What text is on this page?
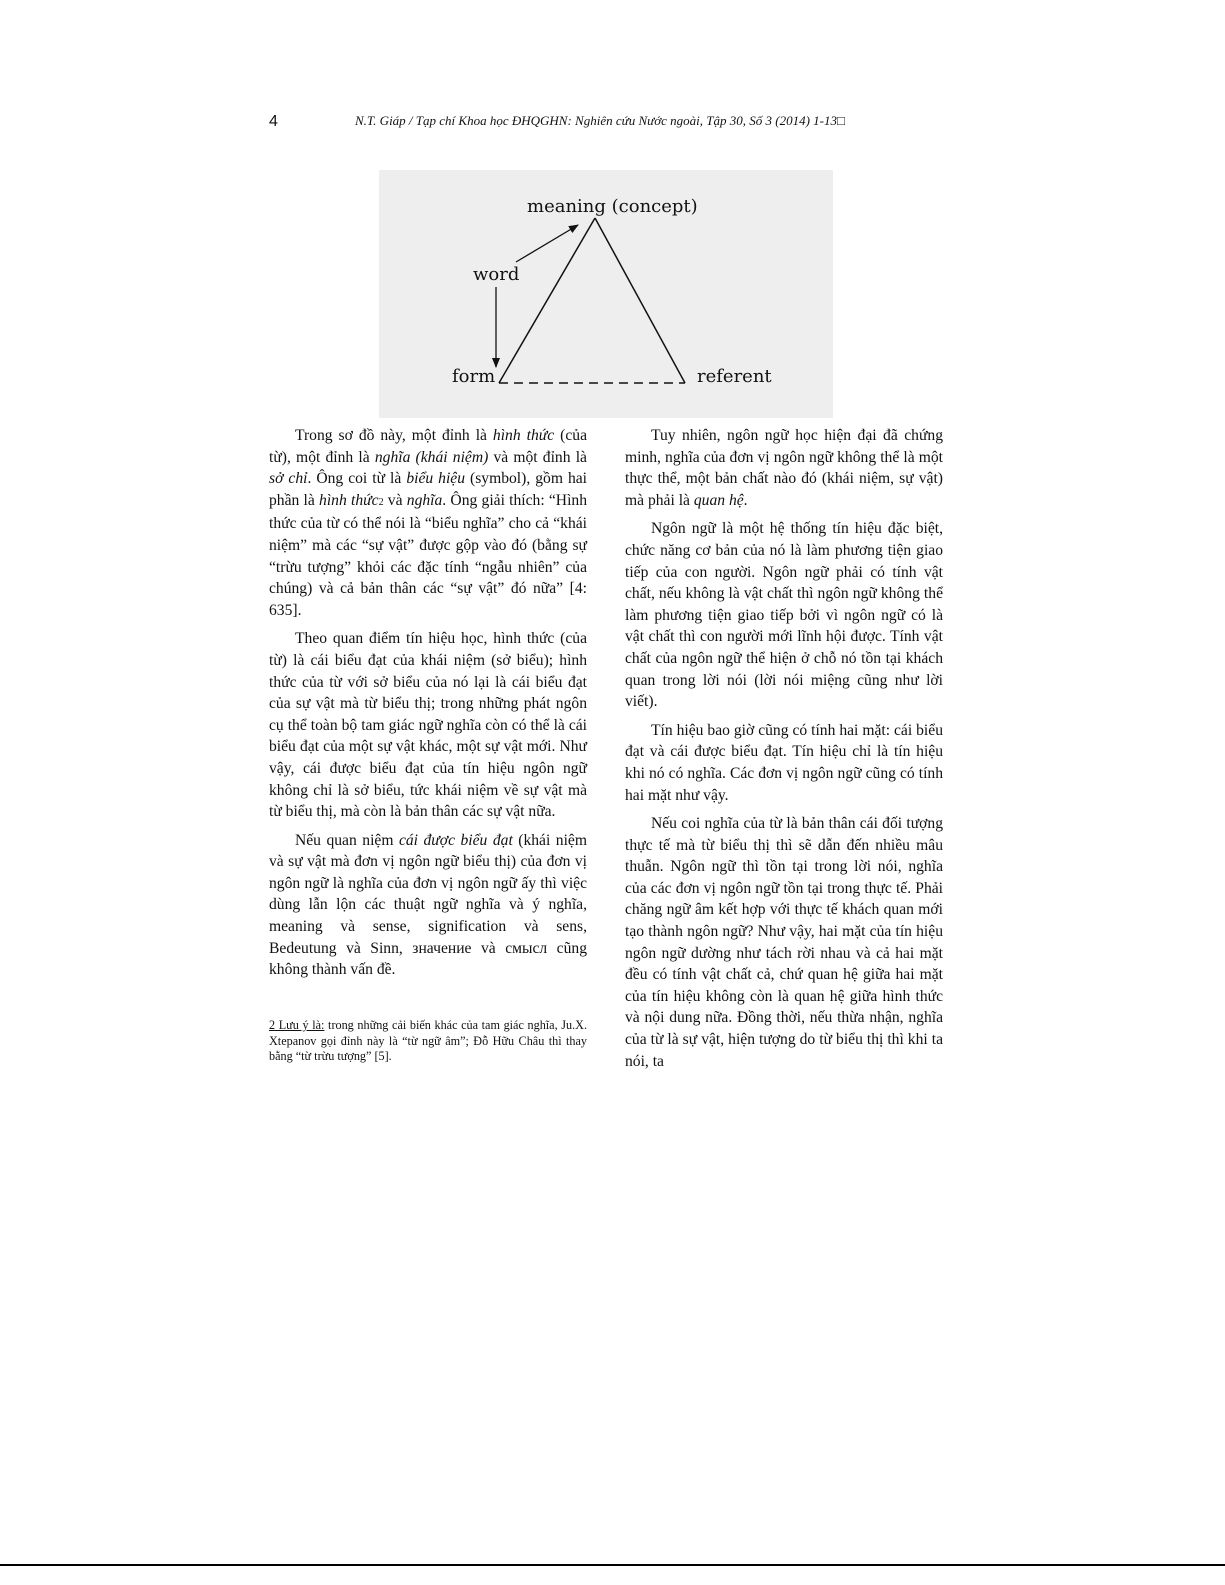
4	N.T. Giáp / Tạp chí Khoa học ĐHQGHN: Nghiên cứu Nước ngoài, Tập 30, Số 3 (2014) 1-13□
meaning (concept)
word
form	referent

Trong sơ đồ này, một đỉnh là hình thức (của từ), một đỉnh là nghĩa (khái niệm) và một đỉnh là sở chỉ. Ông coi từ là biểu hiệu (symbol), gồm hai phần là hình thức2 và nghĩa. Ông giải thích: “Hình thức của từ có thể nói là “biểu nghĩa” cho cả “khái niệm” mà các “sự vật” được gộp vào đó (bằng sự “trừu tượng” khỏi các đặc tính “ngẫu nhiên” của chúng) và cả bản thân các “sự vật” đó nữa” [4: 635].

Theo quan điểm tín hiệu học, hình thức (của từ) là cái biểu đạt của khái niệm (sở biểu); hình thức của từ với sở biểu của nó lại là cái biểu đạt của sự vật mà từ biểu thị; trong những phát ngôn cụ thể toàn bộ tam giác ngữ nghĩa còn có thể là cái biểu đạt của một sự vật khác, một sự vật mới. Như vậy, cái được biểu đạt của tín hiệu ngôn ngữ không chỉ là sở biểu, tức khái niệm về sự vật mà từ biểu thị, mà còn là bản thân các sự vật nữa.

Nếu quan niệm cái được biểu đạt (khái niệm và sự vật mà đơn vị ngôn ngữ biểu thị) của đơn vị ngôn ngữ là nghĩa của đơn vị ngôn ngữ ấy thì việc dùng lẫn lộn các thuật ngữ nghĩa và ý nghĩa, meaning và sense, signification và sens, Bedeutung và Sinn, значение và смысл cũng không thành vấn đề.

2 Lưu ý là: trong những cải biến khác của tam giác nghĩa, Ju.X. Xtepanov gọi đỉnh này là “từ ngữ âm”; Đỗ Hữu Châu thì thay bằng “từ trừu tượng” [5].

Tuy nhiên, ngôn ngữ học hiện đại đã chứng minh, nghĩa của đơn vị ngôn ngữ không thể là một thực thể, một bản chất nào đó (khái niệm, sự vật) mà phải là quan hệ.

Ngôn ngữ là một hệ thống tín hiệu đặc biệt, chức năng cơ bản của nó là làm phương tiện giao tiếp của con người. Ngôn ngữ phải có tính vật chất, nếu không là vật chất thì ngôn ngữ không thể làm phương tiện giao tiếp bởi vì ngôn ngữ có là vật chất thì con người mới lĩnh hội được. Tính vật chất của ngôn ngữ thể hiện ở chỗ nó tồn tại khách quan trong lời nói (lời nói miệng cũng như lời viết).

Tín hiệu bao giờ cũng có tính hai mặt: cái biểu đạt và cái được biểu đạt. Tín hiệu chỉ là tín hiệu khi nó có nghĩa. Các đơn vị ngôn ngữ cũng có tính hai mặt như vậy.

Nếu coi nghĩa của từ là bản thân cái đối tượng thực tế mà từ biểu thị thì sẽ dẫn đến nhiều mâu thuẫn. Ngôn ngữ thì tồn tại trong lời nói, nghĩa của các đơn vị ngôn ngữ tồn tại trong thực tế. Phải chăng ngữ âm kết hợp với thực tế khách quan mới tạo thành ngôn ngữ? Như vậy, hai mặt của tín hiệu ngôn ngữ dường như tách rời nhau và cả hai mặt đều có tính vật chất cả, chứ quan hệ giữa hai mặt của tín hiệu không còn là quan hệ giữa hình thức và nội dung nữa. Đồng thời, nếu thừa nhận, nghĩa của từ là sự vật, hiện tượng do từ biểu thị thì khi ta nói, ta
